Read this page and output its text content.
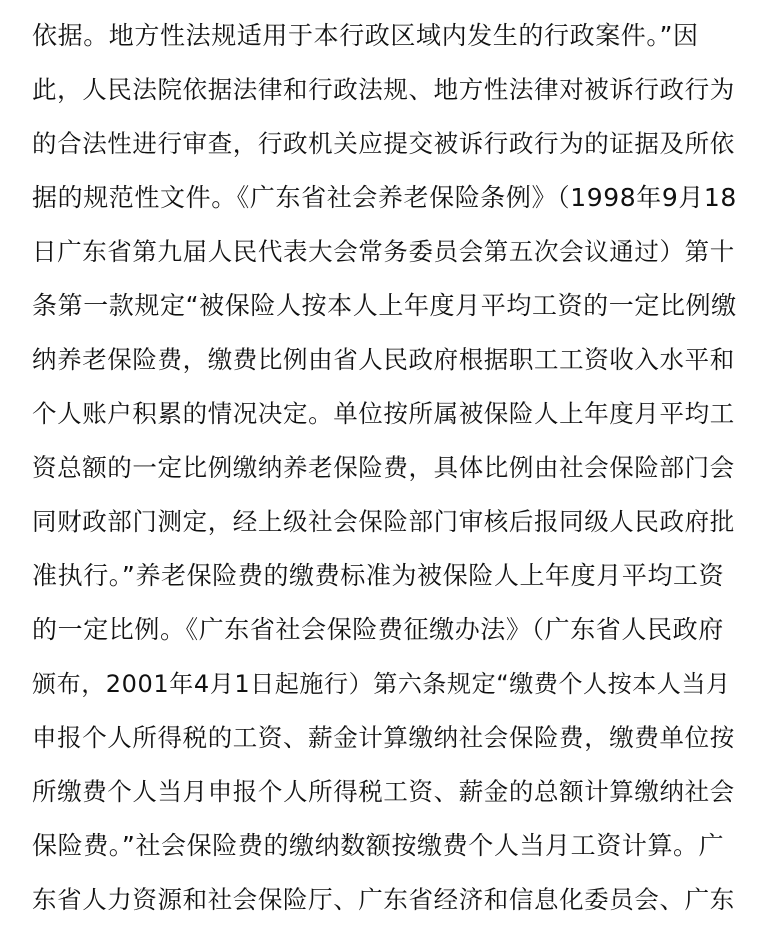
依据。地方性法规适用于本行政区域内发生的行政案件。”因
此，人民法院依据法律和行政法规、地方性法律对被诉行政行为
的合法性进行审查，行政机关应提交被诉行政行为的证据及所依
据的规范性文件。《广东省社会养老保险条例》（1998年9月18
日广东省第九届人民代表大会常务委员会第五次会议通过）第十
条第一款规定“被保险人按本人上年度月平均工资的一定比例缴
纳养老保险费，缴费比例由省人民政府根据职工工资收入水平和
个人账户积累的情况决定。单位按所属被保险人上年度月平均工
资总额的一定比例缴纳养老保险费，具体比例由社会保险部门会
同财政部门测定，经上级社会保险部门审核后报同级人民政府批
准执行。”养老保险费的缴费标准为被保险人上年度月平均工资
的一定比例。《广东省社会保险费征缴办法》（广东省人民政府
颁布，2001年4月1日起施行）第六条规定“缴费个人按本人当月
申报个人所得税的工资、薪金计算缴纳社会保险费，缴费单位按
所缴费个人当月申报个人所得税工资、薪金的总额计算缴纳社会
保险费。”社会保险费的缴纳数额按缴费个人当月工资计算。广
东省人力资源和社会保险厅、广东省经济和信息化委员会、广东
